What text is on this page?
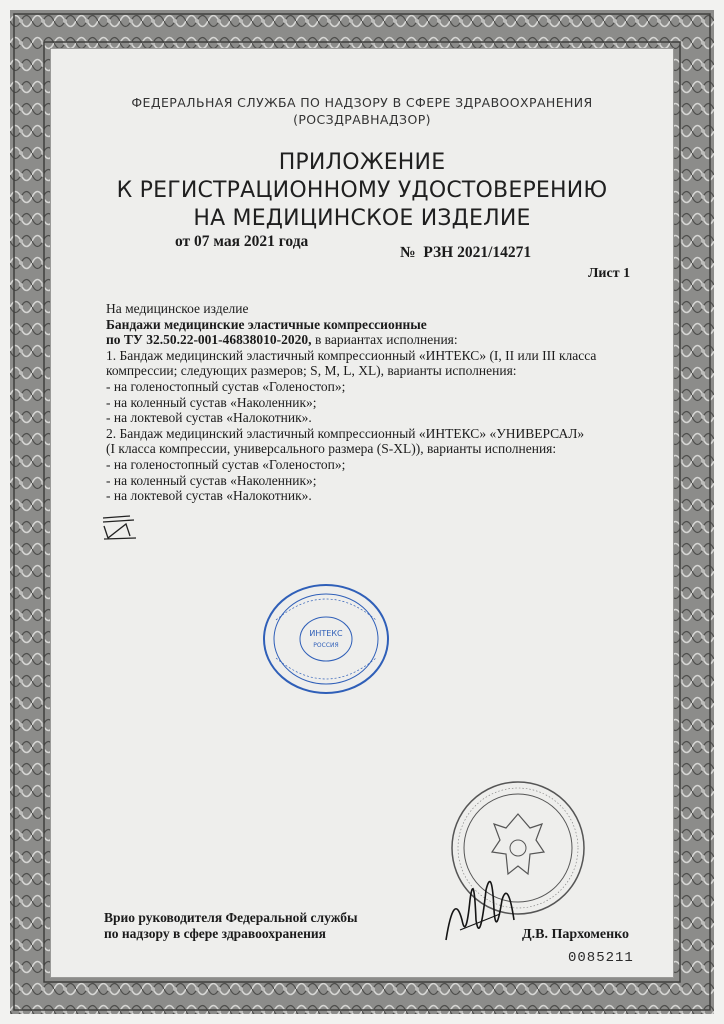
ФЕДЕРАЛЬНАЯ СЛУЖБА ПО НАДЗОРУ В СФЕРЕ ЗДРАВООХРАНЕНИЯ
(РОСЗДРАВНАДЗОР)
ПРИЛОЖЕНИЕ
К РЕГИСТРАЦИОННОМУ УДОСТОВЕРЕНИЮ
НА МЕДИЦИНСКОЕ ИЗДЕЛИЕ
от 07 мая 2021 года
№ РЗН 2021/14271
Лист 1
На медицинское изделие
Бандажи медицинские эластичные компрессионные
по ТУ 32.50.22-001-46838010-2020, в вариантах исполнения:
1. Бандаж медицинский эластичный компрессионный «ИНТЕКС» (I, II или III класса
компрессии; следующих размеров; S, M, L, XL), варианты исполнения:
- на голеностопный сустав «Голеностоп»;
- на коленный сустав «Наколенник»;
- на локтевой сустав «Налокотник».
2. Бандаж медицинский эластичный компрессионный «ИНТЕКС» «УНИВЕРСАЛ»
(I класса компрессии, универсального размера (S-XL)), варианты исполнения:
- на голеностопный сустав «Голеностоп»;
- на коленный сустав «Наколенник»;
- на локтевой сустав «Налокотник».
ИНТЕКС
РОССИЯ
Врио руководителя Федеральной службы
по надзору в сфере здравоохранения	Д.В. Пархоменко
0085211
